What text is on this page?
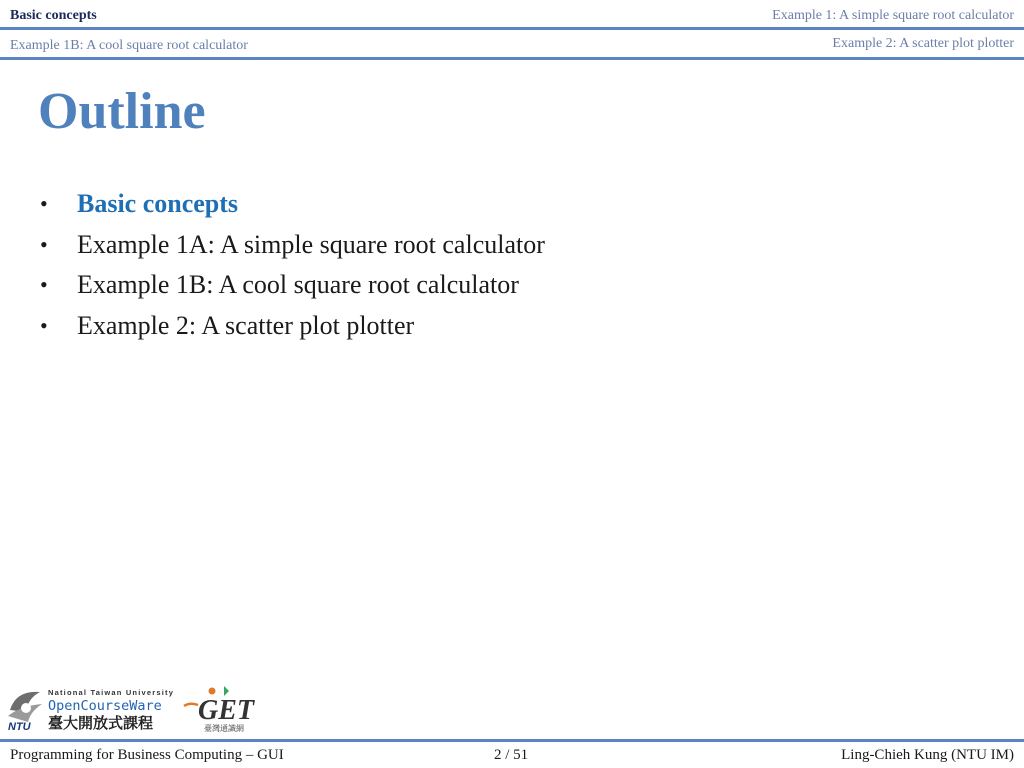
Basic concepts	Example 1: A simple square root calculator
Example 1B: A cool square root calculator	Example 2: A scatter plot plotter
Outline
• Basic concepts
• Example 1A: A simple square root calculator
• Example 1B: A cool square root calculator
• Example 2: A scatter plot plotter
NTU
National Taiwan University
OpenCourseWare
臺大開放式課程 GET
臺灣通識網
Programming for Business Computing – GUI	2 / 51	Ling-Chieh Kung (NTU IM)
